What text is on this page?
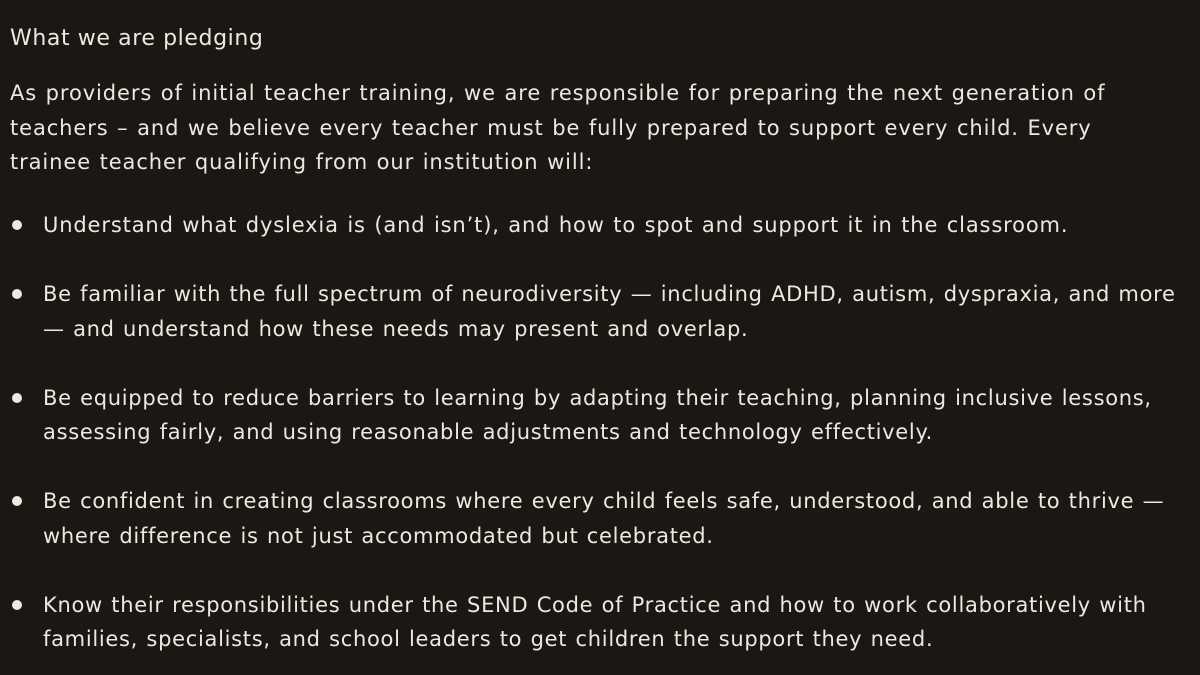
What we are pledging
As providers of initial teacher training, we are responsible for preparing the next generation of teachers – and we believe every teacher must be fully prepared to support every child. Every trainee teacher qualifying from our institution will:
Understand what dyslexia is (and isn’t), and how to spot and support it in the classroom.
Be familiar with the full spectrum of neurodiversity — including ADHD, autism, dyspraxia, and more — and understand how these needs may present and overlap.
Be equipped to reduce barriers to learning by adapting their teaching, planning inclusive lessons, assessing fairly, and using reasonable adjustments and technology effectively.
Be confident in creating classrooms where every child feels safe, understood, and able to thrive — where difference is not just accommodated but celebrated.
Know their responsibilities under the SEND Code of Practice and how to work collaboratively with families, specialists, and school leaders to get children the support they need.
